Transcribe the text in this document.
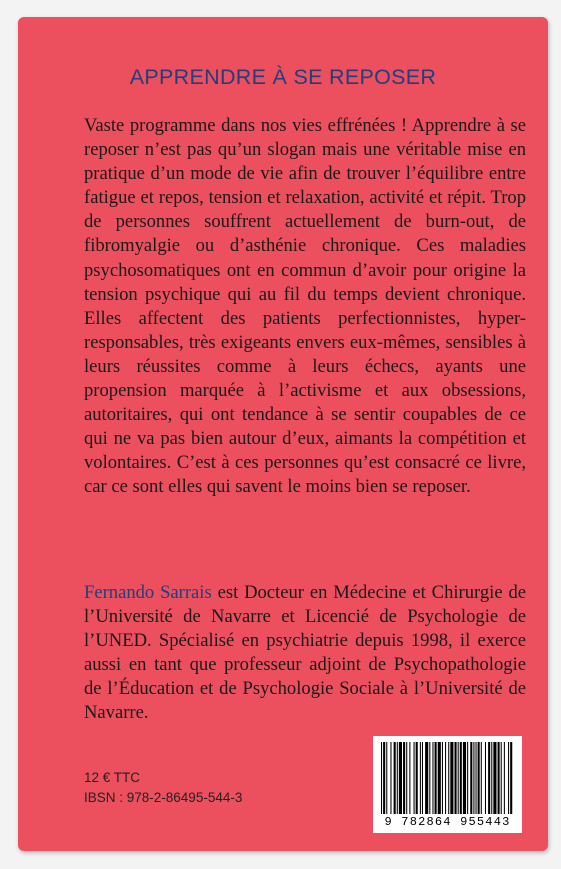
APPRENDRE À SE REPOSER

Vaste programme dans nos vies effrénées ! Apprendre à se reposer n’est pas qu’un slogan mais une véritable mise en pratique d’un mode de vie afin de trouver l’équilibre entre fatigue et repos, tension et relaxation, activité et répit. Trop de personnes souffrent actuellement de burn-out, de fibromyalgie ou d’asthénie chronique. Ces maladies psychosomatiques ont en commun d’avoir pour origine la tension psychique qui au fil du temps devient chronique. Elles affectent des patients perfectionnistes, hyper-responsables, très exigeants envers eux-mêmes, sensibles à leurs réussites comme à leurs échecs, ayants une propension marquée à l’activisme et aux obsessions, autoritaires, qui ont tendance à se sentir coupables de ce qui ne va pas bien autour d’eux, aimants la compétition et volontaires. C’est à ces personnes qu’est consacré ce livre, car ce sont elles qui savent le moins bien se reposer.

Fernando Sarrais est Docteur en Médecine et Chirurgie de l’Université de Navarre et Licencié de Psychologie de l’UNED. Spécialisé en psychiatrie depuis 1998, il exerce aussi en tant que professeur adjoint de Psychopathologie de l’Éducation et de Psychologie Sociale à l’Université de Navarre.

12 € TTC
IBSN : 978-2-86495-544-3
9 782864 955443
